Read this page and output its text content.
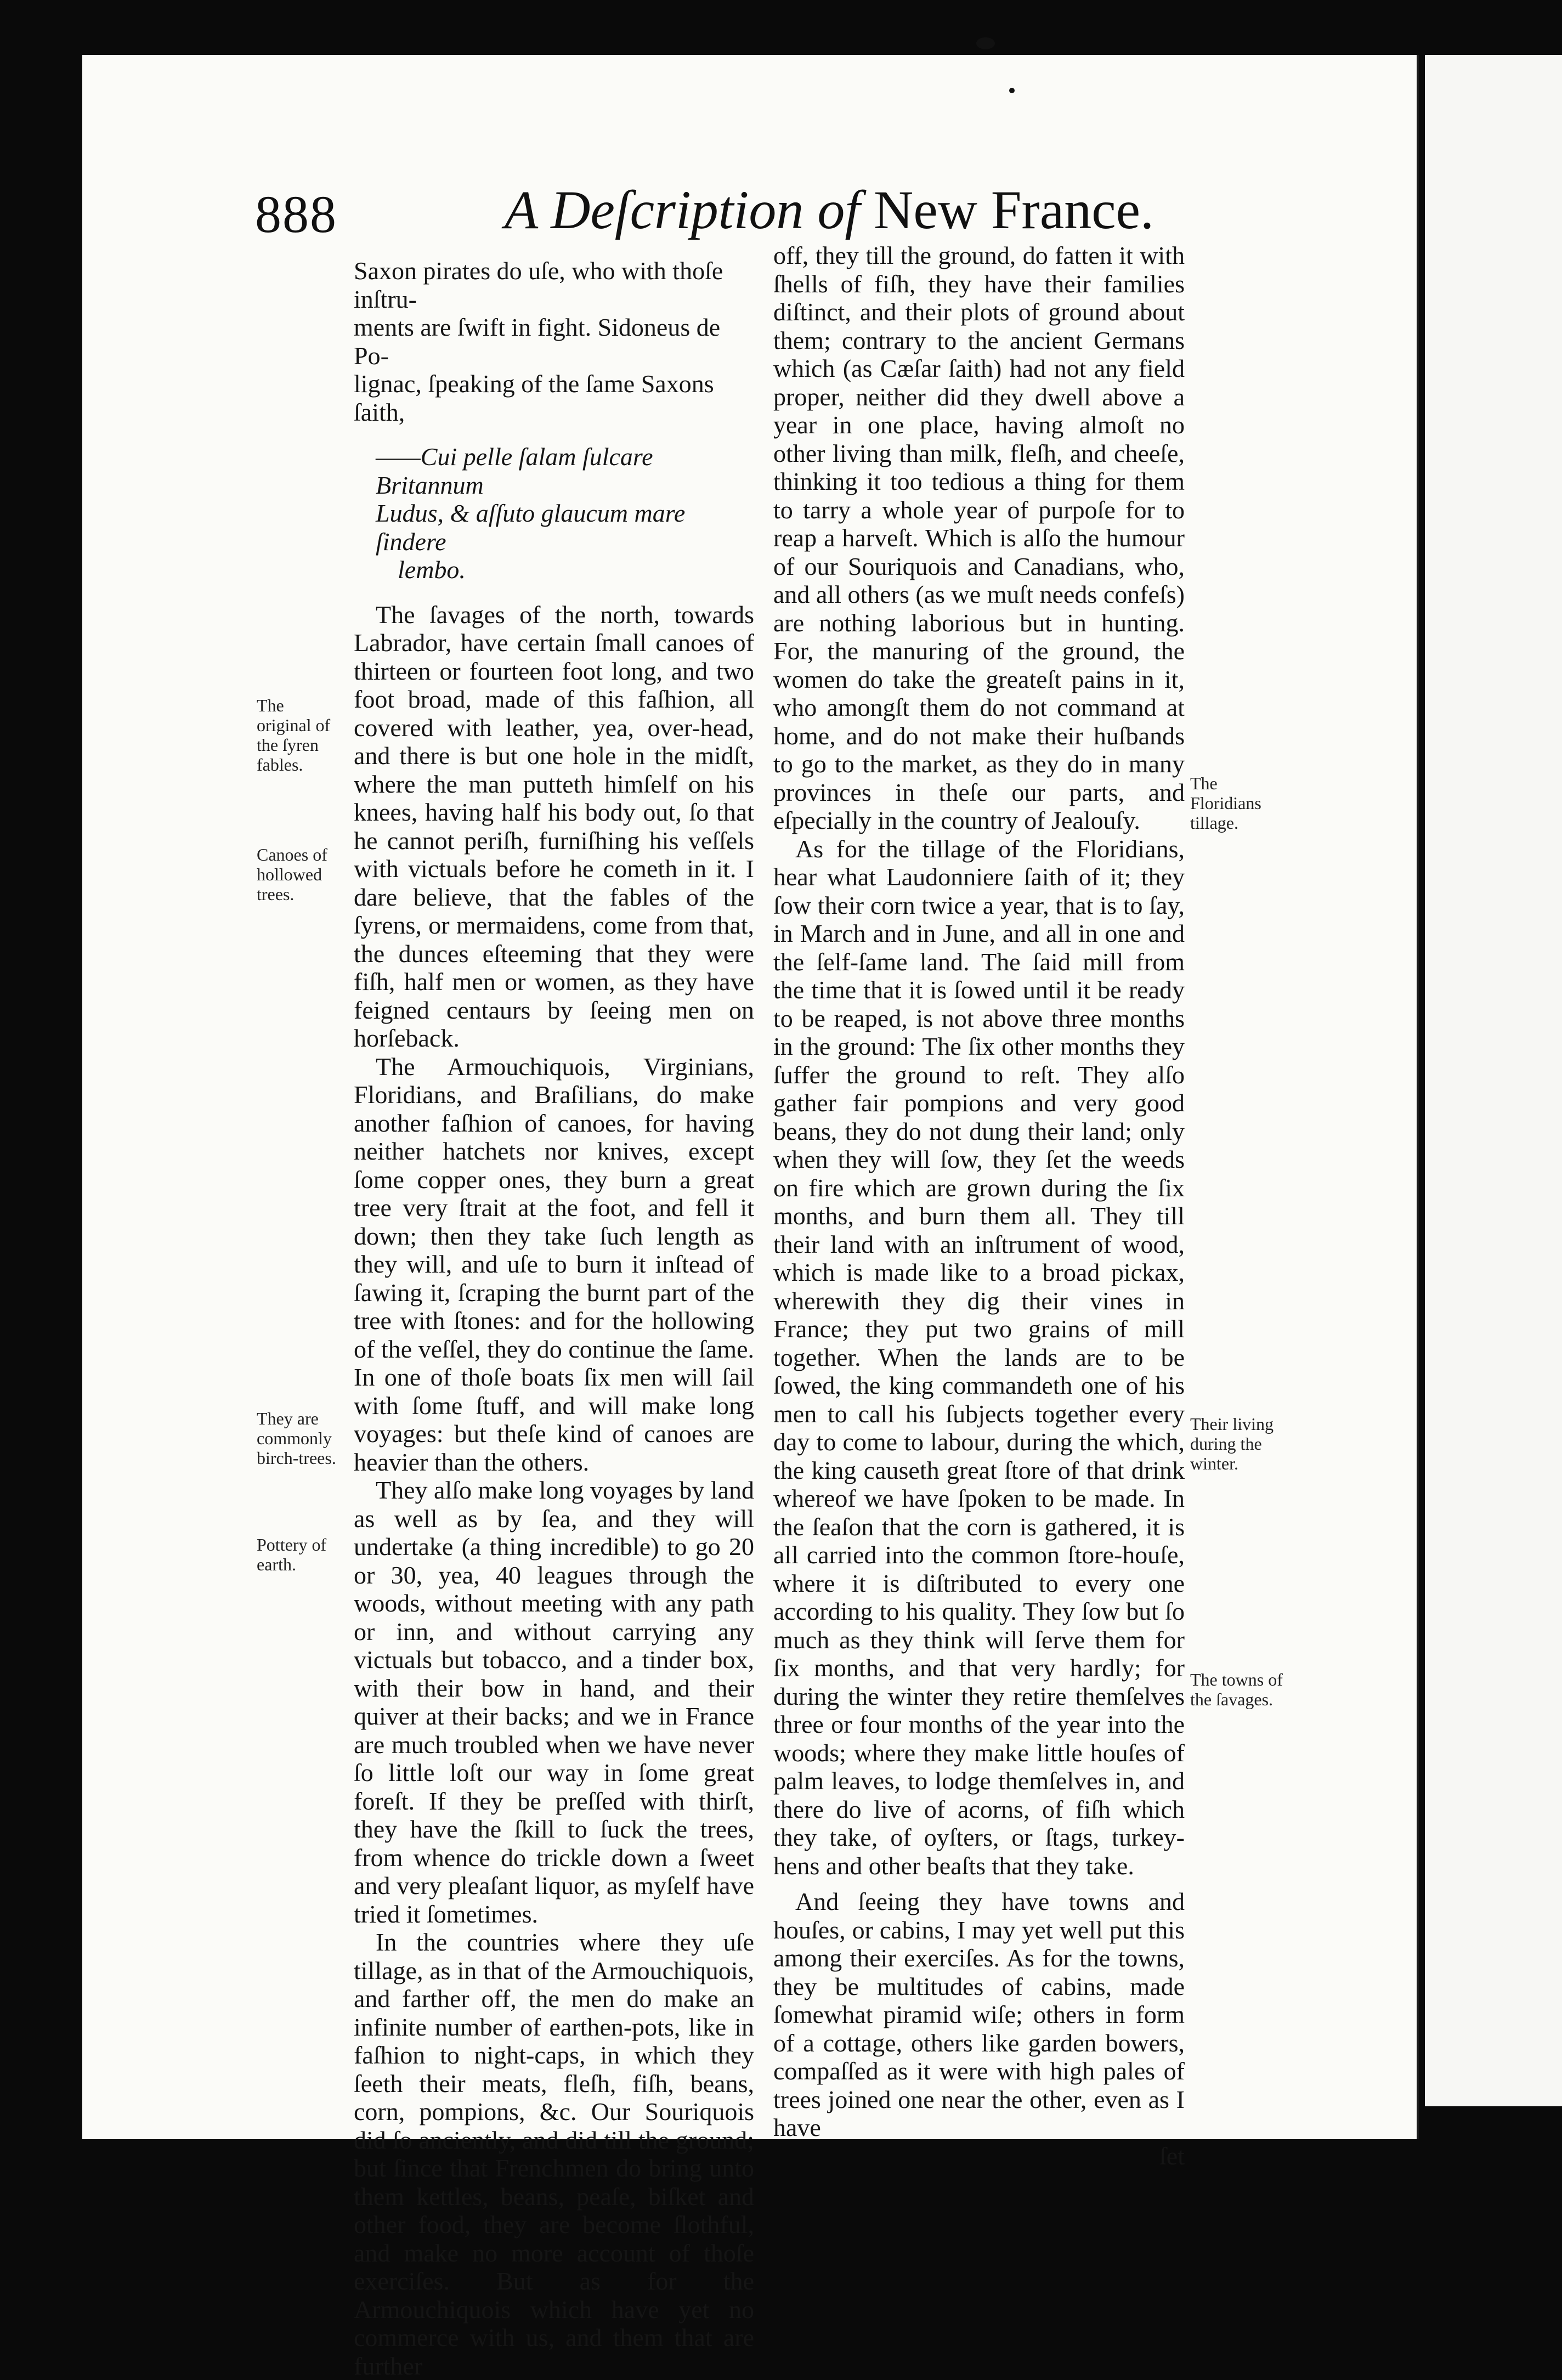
888	A Deſcription of New France.

Saxon pirates do uſe, who with thoſe inſtru-

ments are ſwift in fight. Sidoneus de Po-

lignac, ſpeaking of the ſame Saxons ſaith,

——Cui pelle ſalam ſulcare Britannum

Ludus, & aſſuto glaucum mare ſindere

lembo.

The ſavages of the north, towards Labrador, have certain ſmall canoes of thirteen or fourteen foot long, and two foot broad, made of this faſhion, all covered with leather, yea, over-head, and there is but one hole in the midſt, where the man putteth himſelf on his knees, having half his body out, ſo that he cannot periſh, furniſhing his veſſels with victuals before he cometh in it. I dare believe, that the fables of the ſyrens, or mermaidens, come from that, the dunces eſteeming that they were fiſh, half men or women, as they have feigned centaurs by ſeeing men on horſeback.

The Armouchiquois, Virginians, Floridians, and Braſilians, do make another faſhion of canoes, for having neither hatchets nor knives, except ſome copper ones, they burn a great tree very ſtrait at the foot, and fell it down; then they take ſuch length as they will, and uſe to burn it inſtead of ſawing it, ſcraping the burnt part of the tree with ſtones: and for the hollowing of the veſſel, they do continue the ſame. In one of thoſe boats ſix men will ſail with ſome ſtuff, and will make long voyages: but theſe kind of canoes are heavier than the others.

They alſo make long voyages by land as well as by ſea, and they will undertake (a thing incredible) to go 20 or 30, yea, 40 leagues through the woods, without meeting with any path or inn, and without carrying any victuals but tobacco, and a tinder box, with their bow in hand, and their quiver at their backs; and we in France are much troubled when we have never ſo little loſt our way in ſome great foreſt. If they be preſſed with thirſt, they have the ſkill to ſuck the trees, from whence do trickle down a ſweet and very pleaſant liquor, as myſelf have tried it ſometimes.

In the countries where they uſe tillage, as in that of the Armouchiquois, and farther off, the men do make an infinite number of earthen-pots, like in faſhion to night-caps, in which they ſeeth their meats, fleſh, fiſh, beans, corn, pompions, &c. Our Souriquois did ſo anciently, and did till the ground; but ſince that Frenchmen do bring unto them kettles, beans, peaſe, biſket and other food, they are become ſlothful, and make no more account of thoſe exerciſes. But as for the Armouchiquois which have yet no commerce with us, and them that are further

off, they till the ground, do fatten it with ſhells of fiſh, they have their families diſtinct, and their plots of ground about them; contrary to the ancient Germans which (as Cæſar ſaith) had not any field proper, neither did they dwell above a year in one place, having almoſt no other living than milk, fleſh, and cheeſe, thinking it too tedious a thing for them to tarry a whole year of purpoſe for to reap a harveſt. Which is alſo the humour of our Souriquois and Canadians, who, and all others (as we muſt needs confeſs) are nothing laborious but in hunting. For, the manuring of the ground, the women do take the greateſt pains in it, who amongſt them do not command at home, and do not make their huſbands to go to the market, as they do in many provinces in theſe our parts, and eſpecially in the country of Jealouſy.

As for the tillage of the Floridians, hear what Laudonniere ſaith of it; they ſow their corn twice a year, that is to ſay, in March and in June, and all in one and the ſelf-ſame land. The ſaid mill from the time that it is ſowed until it be ready to be reaped, is not above three months in the ground: The ſix other months they ſuffer the ground to reſt. They alſo gather fair pompions and very good beans, they do not dung their land; only when they will ſow, they ſet the weeds on fire which are grown during the ſix months, and burn them all. They till their land with an inſtrument of wood, which is made like to a broad pickax, wherewith they dig their vines in France; they put two grains of mill together. When the lands are to be ſowed, the king commandeth one of his men to call his ſubjects together every day to come to labour, during the which, the king causeth great ſtore of that drink whereof we have ſpoken to be made. In the ſeaſon that the corn is gathered, it is all carried into the common ſtore-houſe, where it is diſtributed to every one according to his quality. They ſow but ſo much as they think will ſerve them for ſix months, and that very hardly; for during the winter they retire themſelves three or four months of the year into the woods; where they make little houſes of palm leaves, to lodge themſelves in, and there do live of acorns, of fiſh which they take, of oyſters, or ſtags, turkey-hens and other beaſts that they take.

And ſeeing they have towns and houſes, or cabins, I may yet well put this among their exerciſes. As for the towns, they be multitudes of cabins, made ſomewhat piramid wiſe; others in form of a cottage, others like garden bowers, compaſſed as it were with high pales of trees joined one near the other, even as I have

ſet

The original of the ſyren fables.
Canoes of hollowed trees.
They are commonly birch-trees.
Pottery of earth.
The Floridians tillage.
Their living during the winter.
The towns of the ſavages.
